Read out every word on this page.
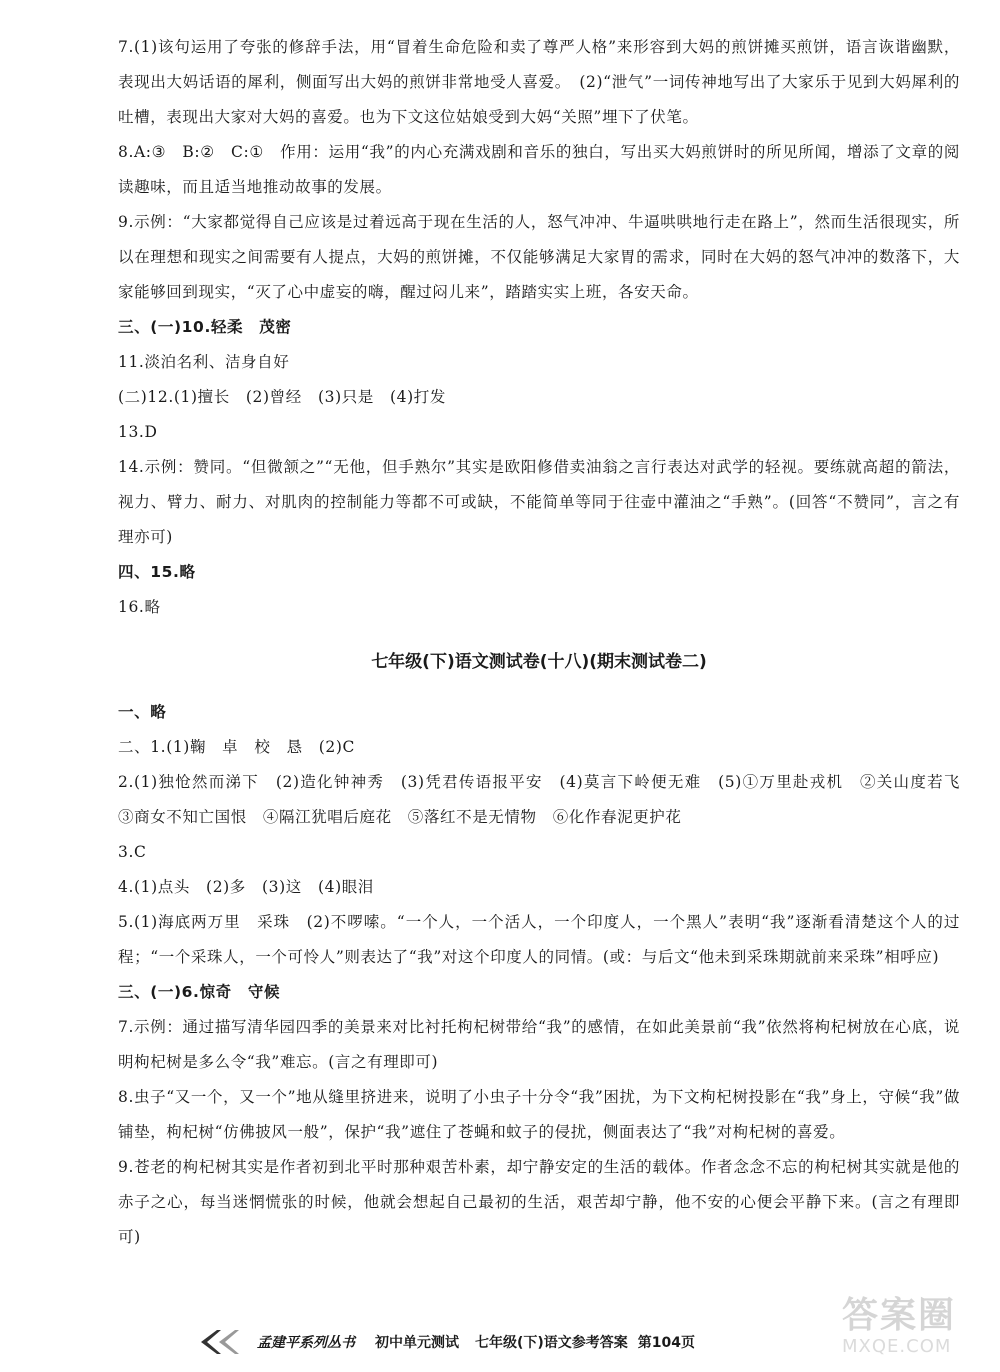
7.(1)该句运用了夸张的修辞手法，用“冒着生命危险和卖了尊严人格”来形容到大妈的煎饼摊买煎饼，语言诙谐幽默，表现出大妈话语的犀利，侧面写出大妈的煎饼非常地受人喜爱。　(2)“泄气”一词传神地写出了大家乐于见到大妈犀利的吐槽，表现出大家对大妈的喜爱。也为下文这位姑娘受到大妈“关照”埋下了伏笔。

8.A:③　B:②　C:①　作用：运用“我”的内心充满戏剧和音乐的独白，写出买大妈煎饼时的所见所闻，增添了文章的阅读趣味，而且适当地推动故事的发展。

9.示例：“大家都觉得自己应该是过着远高于现在生活的人，怒气冲冲、牛逼哄哄地行走在路上”，然而生活很现实，所以在理想和现实之间需要有人提点，大妈的煎饼摊，不仅能够满足大家胃的需求，同时在大妈的怒气冲冲的数落下，大家能够回到现实，“灭了心中虚妄的嗨，醒过闷儿来”，踏踏实实上班，各安天命。

三、(一)10.轻柔　茂密

11.淡泊名利、洁身自好

(二)12.(1)擅长　(2)曾经　(3)只是　(4)打发

13.D

14.示例：赞同。“但微颔之”“无他，但手熟尔”其实是欧阳修借卖油翁之言行表达对武学的轻视。要练就高超的箭法，视力、臂力、耐力、对肌肉的控制能力等都不可或缺，不能简单等同于往壶中灌油之“手熟”。(回答“不赞同”，言之有理亦可)

四、15.略

16.略

七年级(下)语文测试卷(十八)(期末测试卷二)

一、略

二、1.(1)鞠　卓　校　恳　(2)C

2.(1)独怆然而涕下　(2)造化钟神秀　(3)凭君传语报平安　(4)莫言下岭便无难　(5)①万里赴戎机　②关山度若飞　③商女不知亡国恨　④隔江犹唱后庭花　⑤落红不是无情物　⑥化作春泥更护花

3.C

4.(1)点头　(2)多　(3)这　(4)眼泪

5.(1)海底两万里　采珠　(2)不啰嗦。“一个人，一个活人，一个印度人，一个黑人”表明“我”逐渐看清楚这个人的过程；“一个采珠人，一个可怜人”则表达了“我”对这个印度人的同情。(或：与后文“他未到采珠期就前来采珠”相呼应)

三、(一)6.惊奇　守候

7.示例：通过描写清华园四季的美景来对比衬托枸杞树带给“我”的感情，在如此美景前“我”依然将枸杞树放在心底，说明枸杞树是多么令“我”难忘。(言之有理即可)

8.虫子“又一个，又一个”地从缝里挤进来，说明了小虫子十分令“我”困扰，为下文枸杞树投影在“我”身上，守候“我”做铺垫，枸杞树“仿佛披风一般”，保护“我”遮住了苍蝇和蚊子的侵扰，侧面表达了“我”对枸杞树的喜爱。

9.苍老的枸杞树其实是作者初到北平时那种艰苦朴素，却宁静安定的生活的载体。作者念念不忘的枸杞树其实就是他的赤子之心，每当迷惘慌张的时候，他就会想起自己最初的生活，艰苦却宁静，他不安的心便会平静下来。(言之有理即可)

孟建平系列丛书 初中单元测试 七年级(下)语文参考答案 第104页
答案圈
MXQE.COM
